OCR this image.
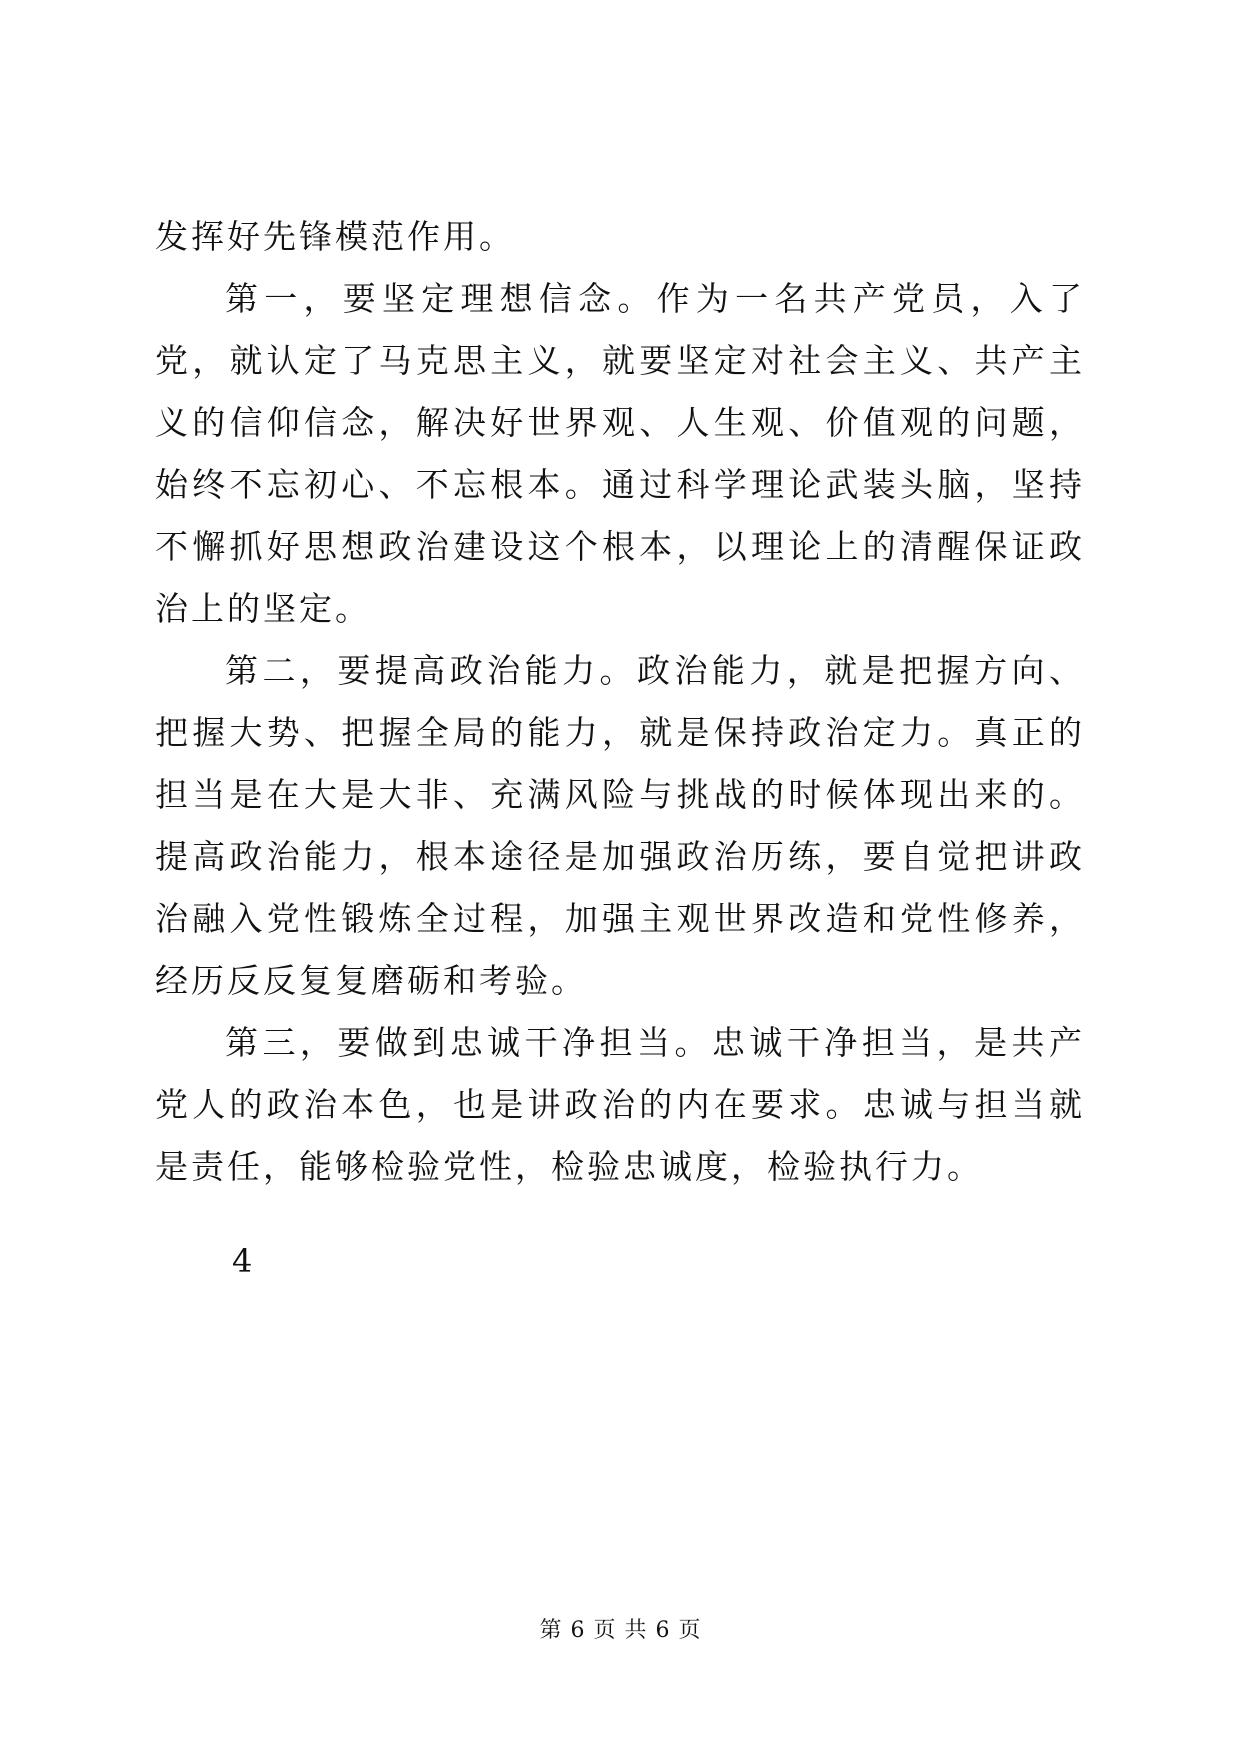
发挥好先锋模范作用。

第一，要坚定理想信念。作为一名共产党员，入了党，就认定了马克思主义，就要坚定对社会主义、共产主义的信仰信念，解决好世界观、人生观、价值观的问题，始终不忘初心、不忘根本。通过科学理论武装头脑，坚持不懈抓好思想政治建设这个根本，以理论上的清醒保证政治上的坚定。

第二，要提高政治能力。政治能力，就是把握方向、把握大势、把握全局的能力，就是保持政治定力。真正的担当是在大是大非、充满风险与挑战的时候体现出来的。提高政治能力，根本途径是加强政治历练，要自觉把讲政治融入党性锻炼全过程，加强主观世界改造和党性修养，经历反反复复磨砺和考验。

第三，要做到忠诚干净担当。忠诚干净担当，是共产党人的政治本色，也是讲政治的内在要求。忠诚与担当就是责任，能够检验党性，检验忠诚度，检验执行力。

4
第 6 页 共 6 页
